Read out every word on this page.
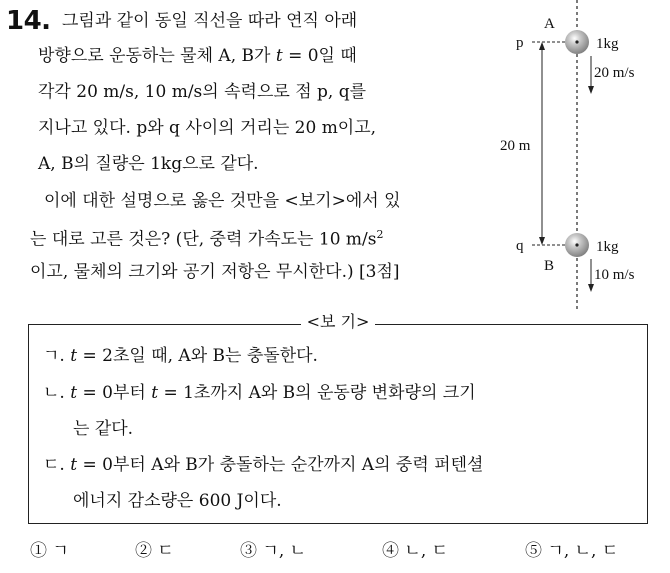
14. 그림과 같이 동일 직선을 따라 연직 아래
방향으로 운동하는 물체 A, B가 t = 0일 때
각각 20 m/s, 10 m/s의 속력으로 점 p, q를
지나고 있다. p와 q 사이의 거리는 20 m이고,
A, B의 질량은 1kg으로 같다.
이에 대한 설명으로 옳은 것만을 <보기>에서 있
는 대로 고른 것은? (단, 중력 가속도는 10 $m/s^2$
이고, 물체의 크기와 공기 저항은 무시한다.) [3점]
p
A
1kg
20 m/s
20 m
q
B
1kg
10 m/s
<보 기>
ㄱ. t = 2초일 때, A와 B는 충돌한다.
ㄴ. t = 0부터 t = 1초까지 A와 B의 운동량 변화량의 크기
는 같다.
ㄷ. t = 0부터 A와 B가 충돌하는 순간까지 A의 중력 퍼텐셜
에너지 감소량은 600 J이다.
① ㄱ	② ㄷ	③ ㄱ, ㄴ	④ ㄴ, ㄷ	⑤ ㄱ, ㄴ, ㄷ
